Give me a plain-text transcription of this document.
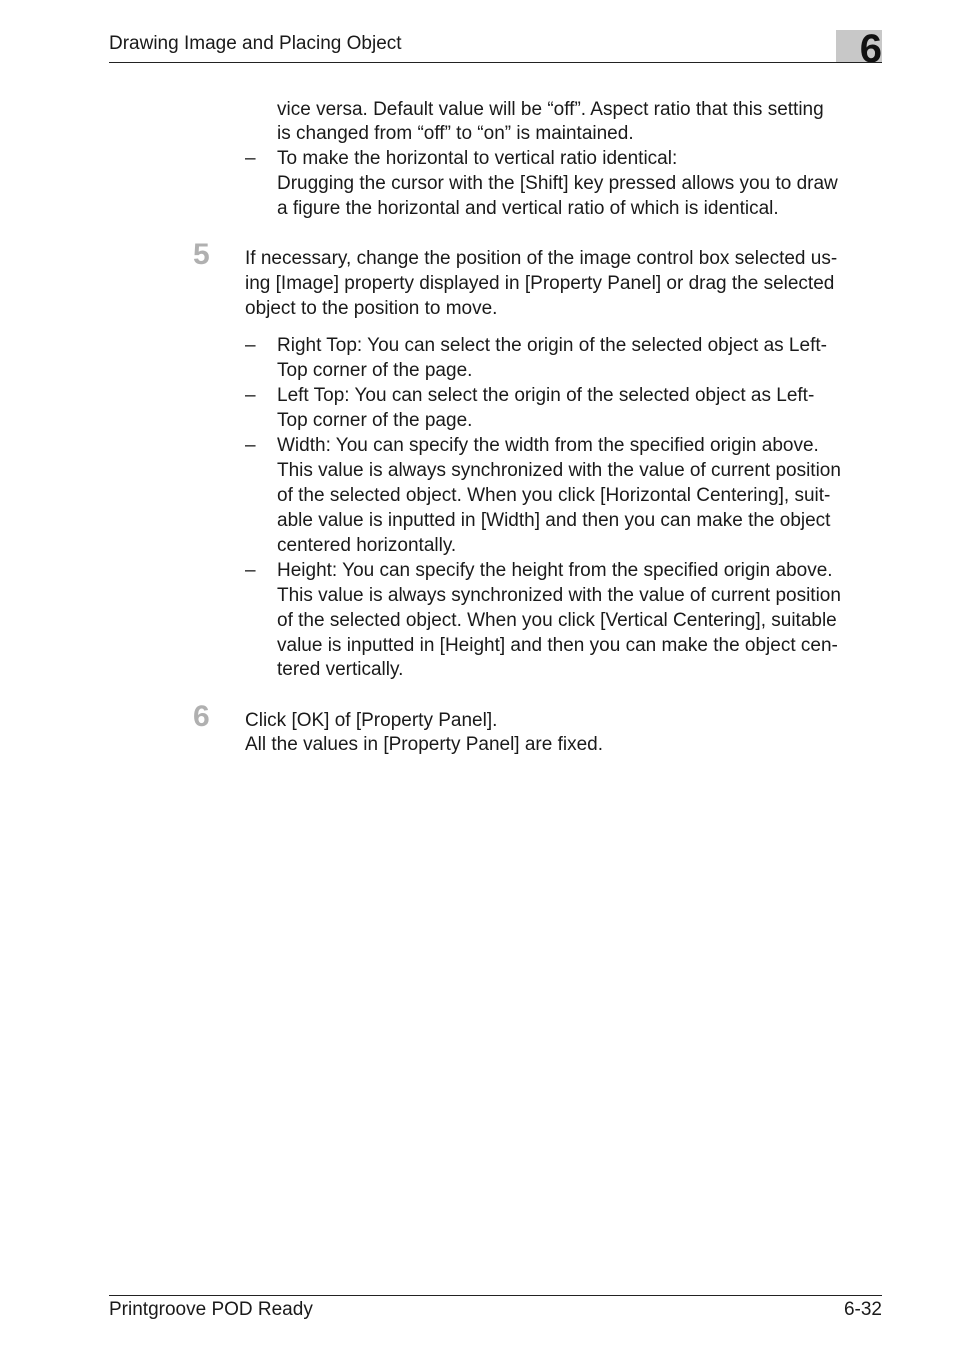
Drawing Image and Placing Object	6
vice versa. Default value will be “off”. Aspect ratio that this setting
is changed from “off” to “on” is maintained.
– To make the horizontal to vertical ratio identical:
Drugging the cursor with the [Shift] key pressed allows you to draw
a figure the horizontal and vertical ratio of which is identical.
5 If necessary, change the position of the image control box selected us-
ing [Image] property displayed in [Property Panel] or drag the selected
object to the position to move.
– Right Top: You can select the origin of the selected object as Left-
Top corner of the page.
– Left Top: You can select the origin of the selected object as Left-
Top corner of the page.
– Width: You can specify the width from the specified origin above.
This value is always synchronized with the value of current position
of the selected object. When you click [Horizontal Centering], suit-
able value is inputted in [Width] and then you can make the object
centered horizontally.
– Height: You can specify the height from the specified origin above.
This value is always synchronized with the value of current position
of the selected object. When you click [Vertical Centering], suitable
value is inputted in [Height] and then you can make the object cen-
tered vertically.
6 Click [OK] of [Property Panel].
All the values in [Property Panel] are fixed.
Printgroove POD Ready	6-32
